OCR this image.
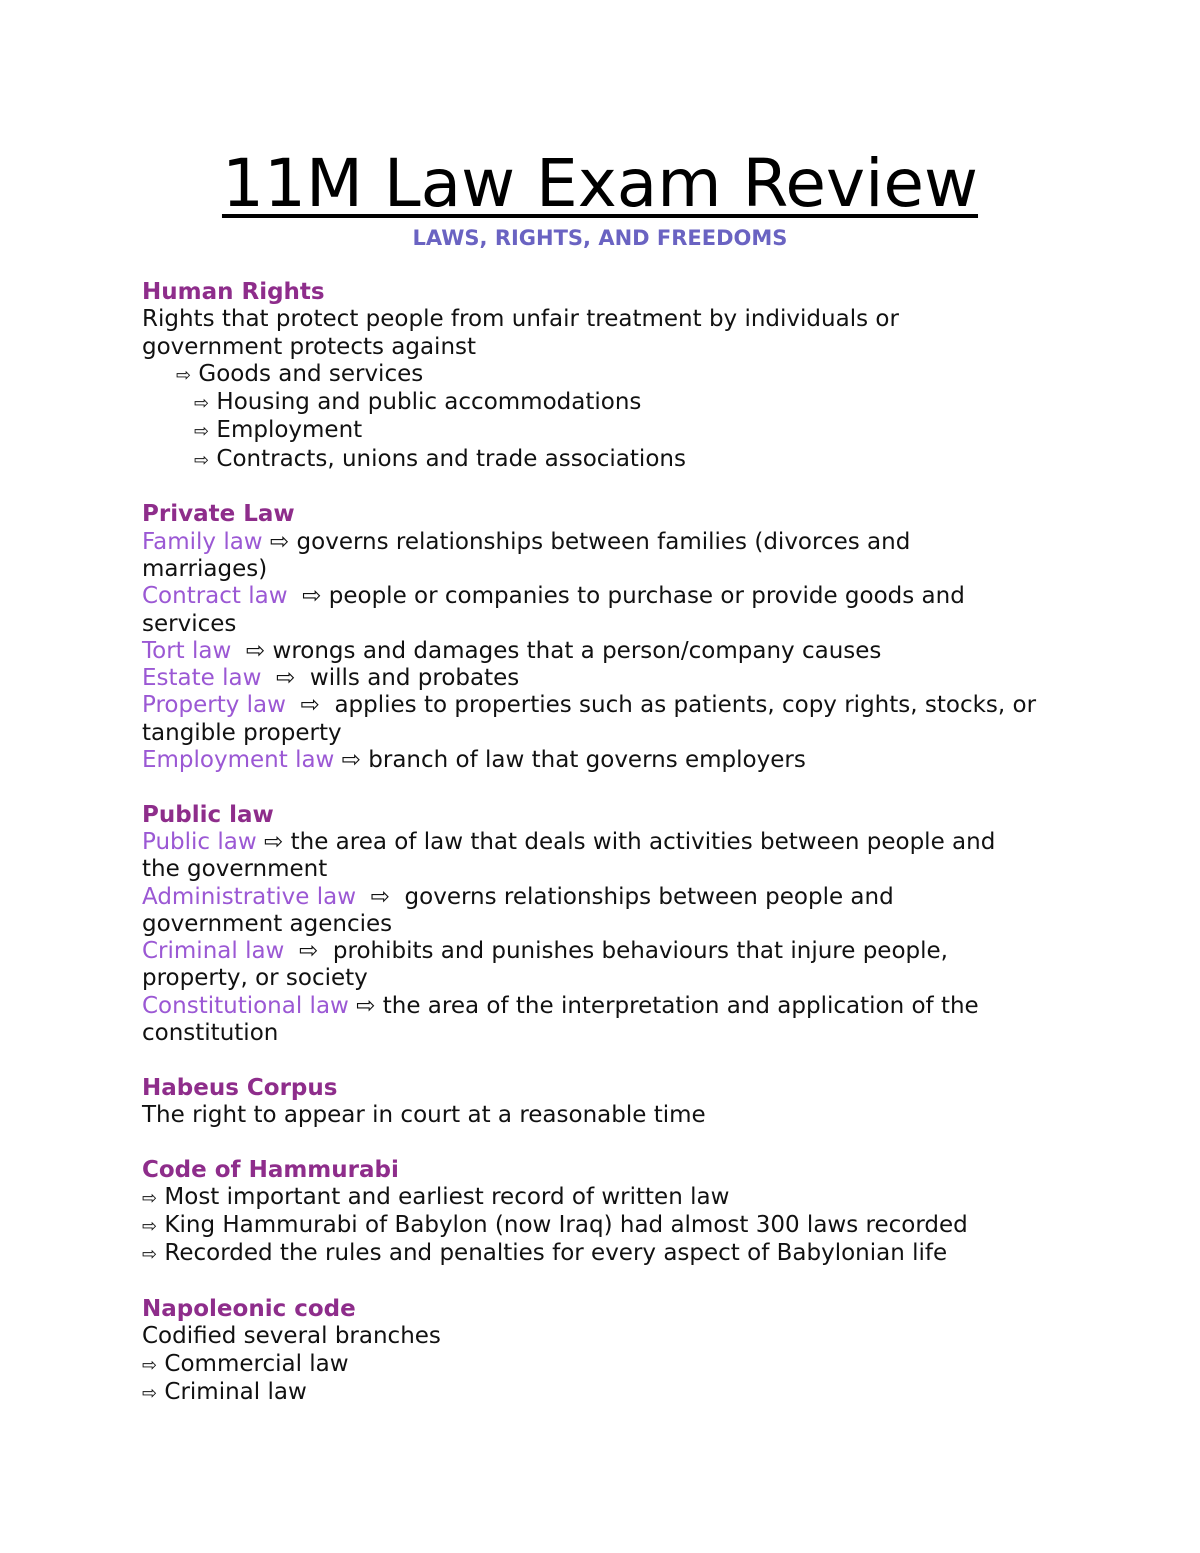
11M Law Exam Review
LAWS, RIGHTS, AND FREEDOMS
Human Rights
Rights that protect people from unfair treatment by individuals or
government protects against
⇨ Goods and services
⇨ Housing and public accommodations
⇨ Employment
⇨ Contracts, unions and trade associations
Private Law
Family law ⇨ governs relationships between families (divorces and
marriages)
Contract law  ⇨ people or companies to purchase or provide goods and
services
Tort law  ⇨ wrongs and damages that a person/company causes
Estate law  ⇨  wills and probates
Property law  ⇨  applies to properties such as patients, copy rights, stocks, or
tangible property
Employment law ⇨ branch of law that governs employers
Public law
Public law ⇨ the area of law that deals with activities between people and
the government
Administrative law  ⇨  governs relationships between people and
government agencies
Criminal law  ⇨  prohibits and punishes behaviours that injure people,
property, or society
Constitutional law ⇨ the area of the interpretation and application of the
constitution
Habeus Corpus
The right to appear in court at a reasonable time
Code of Hammurabi
⇨ Most important and earliest record of written law
⇨ King Hammurabi of Babylon (now Iraq) had almost 300 laws recorded
⇨ Recorded the rules and penalties for every aspect of Babylonian life
Napoleonic code
Codified several branches
⇨ Commercial law
⇨ Criminal law
